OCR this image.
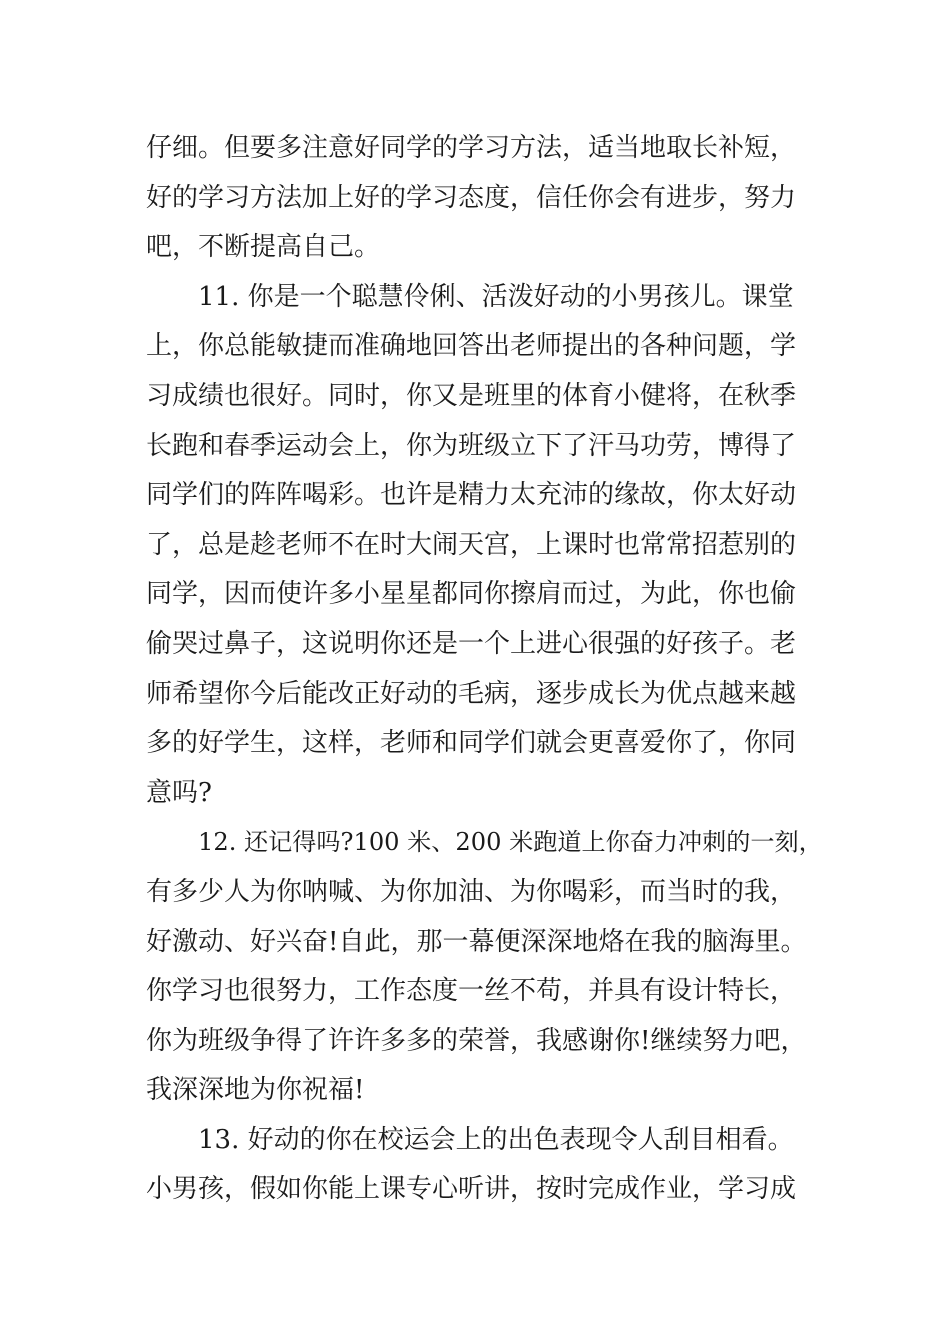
仔细。但要多注意好同学的学习方法，适当地取长补短，
好的学习方法加上好的学习态度，信任你会有进步，努力
吧，不断提高自己。
11. 你是一个聪慧伶俐、活泼好动的小男孩儿。课堂
上，你总能敏捷而准确地回答出老师提出的各种问题，学
习成绩也很好。同时，你又是班里的体育小健将，在秋季
长跑和春季运动会上，你为班级立下了汗马功劳，博得了
同学们的阵阵喝彩。也许是精力太充沛的缘故，你太好动
了，总是趁老师不在时大闹天宫，上课时也常常招惹别的
同学，因而使许多小星星都同你擦肩而过，为此，你也偷
偷哭过鼻子，这说明你还是一个上进心很强的好孩子。老
师希望你今后能改正好动的毛病，逐步成长为优点越来越
多的好学生，这样，老师和同学们就会更喜爱你了，你同
意吗?
12. 还记得吗?100 米、200 米跑道上你奋力冲刺的一刻，
有多少人为你呐喊、为你加油、为你喝彩，而当时的我，
好激动、好兴奋!自此，那一幕便深深地烙在我的脑海里。
你学习也很努力，工作态度一丝不苟，并具有设计特长，
你为班级争得了许许多多的荣誉，我感谢你!继续努力吧，
我深深地为你祝福!
13. 好动的你在校运会上的出色表现令人刮目相看。
小男孩，假如你能上课专心听讲，按时完成作业，学习成
